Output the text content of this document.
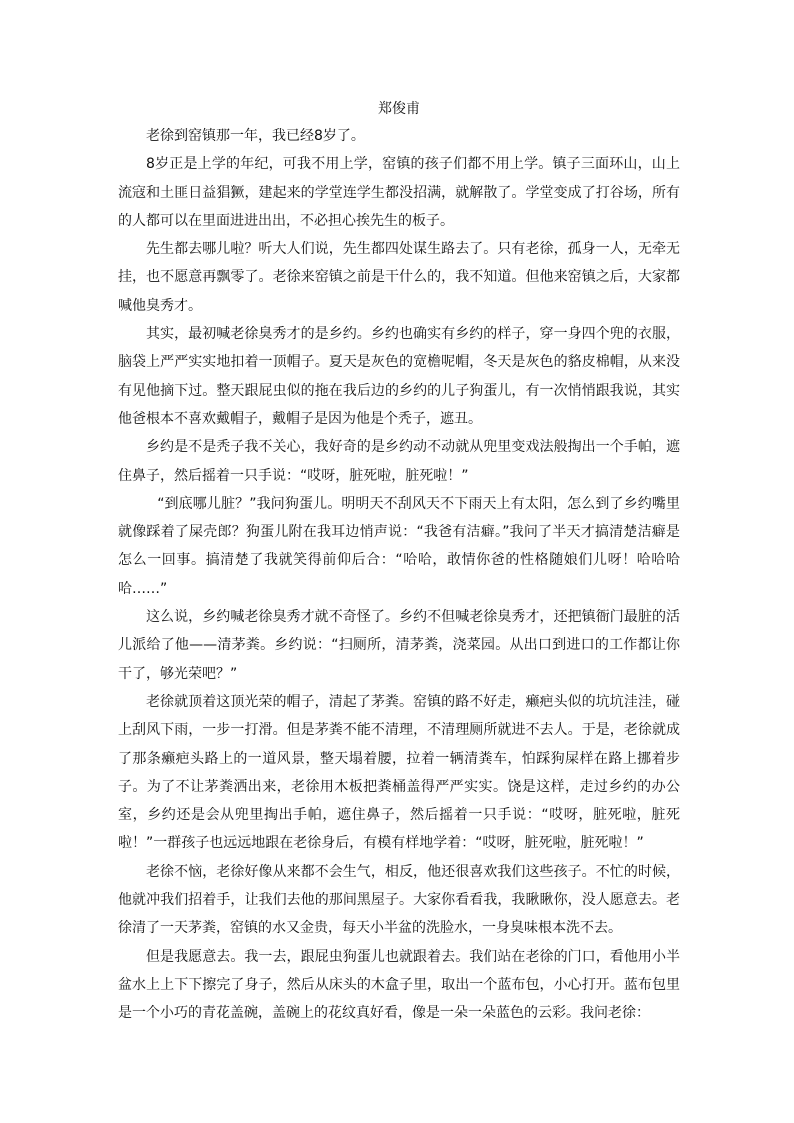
郑俊甫

老徐到窑镇那一年，我已经8岁了。

8岁正是上学的年纪，可我不用上学，窑镇的孩子们都不用上学。镇子三面环山，山上流寇和土匪日益猖獗，建起来的学堂连学生都没招满，就解散了。学堂变成了打谷场，所有的人都可以在里面进进出出，不必担心挨先生的板子。

先生都去哪儿啦？听大人们说，先生都四处谋生路去了。只有老徐，孤身一人，无牵无挂，也不愿意再飘零了。老徐来窑镇之前是干什么的，我不知道。但他来窑镇之后，大家都喊他臭秀才。

其实，最初喊老徐臭秀才的是乡约。乡约也确实有乡约的样子，穿一身四个兜的衣服，脑袋上严严实实地扣着一顶帽子。夏天是灰色的宽檐呢帽，冬天是灰色的貉皮棉帽，从来没有见他摘下过。整天跟屁虫似的拖在我后边的乡约的儿子狗蛋儿，有一次悄悄跟我说，其实他爸根本不喜欢戴帽子，戴帽子是因为他是个秃子，遮丑。

乡约是不是秃子我不关心，我好奇的是乡约动不动就从兜里变戏法般掏出一个手帕，遮住鼻子，然后摇着一只手说：“哎呀，脏死啦，脏死啦！”

“到底哪儿脏？”我问狗蛋儿。明明天不刮风天不下雨天上有太阳，怎么到了乡约嘴里就像踩着了屎壳郎？狗蛋儿附在我耳边悄声说：“我爸有洁癖。”我问了半天才搞清楚洁癖是怎么一回事。搞清楚了我就笑得前仰后合：“哈哈，敢情你爸的性格随娘们儿呀！哈哈哈哈……”

这么说，乡约喊老徐臭秀才就不奇怪了。乡约不但喊老徐臭秀才，还把镇衙门最脏的活儿派给了他——清茅粪。乡约说：“扫厕所，清茅粪，浇菜园。从出口到进口的工作都让你干了，够光荣吧？”

老徐就顶着这顶光荣的帽子，清起了茅粪。窑镇的路不好走，癞疤头似的坑坑洼洼，碰上刮风下雨，一步一打滑。但是茅粪不能不清理，不清理厕所就进不去人。于是，老徐就成了那条癞疤头路上的一道风景，整天塌着腰，拉着一辆清粪车，怕踩狗屎样在路上挪着步子。为了不让茅粪洒出来，老徐用木板把粪桶盖得严严实实。饶是这样，走过乡约的办公室，乡约还是会从兜里掏出手帕，遮住鼻子，然后摇着一只手说：“哎呀，脏死啦，脏死啦！”一群孩子也远远地跟在老徐身后，有模有样地学着：“哎呀，脏死啦，脏死啦！”

老徐不恼，老徐好像从来都不会生气，相反，他还很喜欢我们这些孩子。不忙的时候，他就冲我们招着手，让我们去他的那间黑屋子。大家你看看我，我瞅瞅你，没人愿意去。老徐清了一天茅粪，窑镇的水又金贵，每天小半盆的洗脸水，一身臭味根本洗不去。

但是我愿意去。我一去，跟屁虫狗蛋儿也就跟着去。我们站在老徐的门口，看他用小半盆水上上下下擦完了身子，然后从床头的木盒子里，取出一个蓝布包，小心打开。蓝布包里是一个小巧的青花盖碗，盖碗上的花纹真好看，像是一朵一朵蓝色的云彩。我问老徐：
